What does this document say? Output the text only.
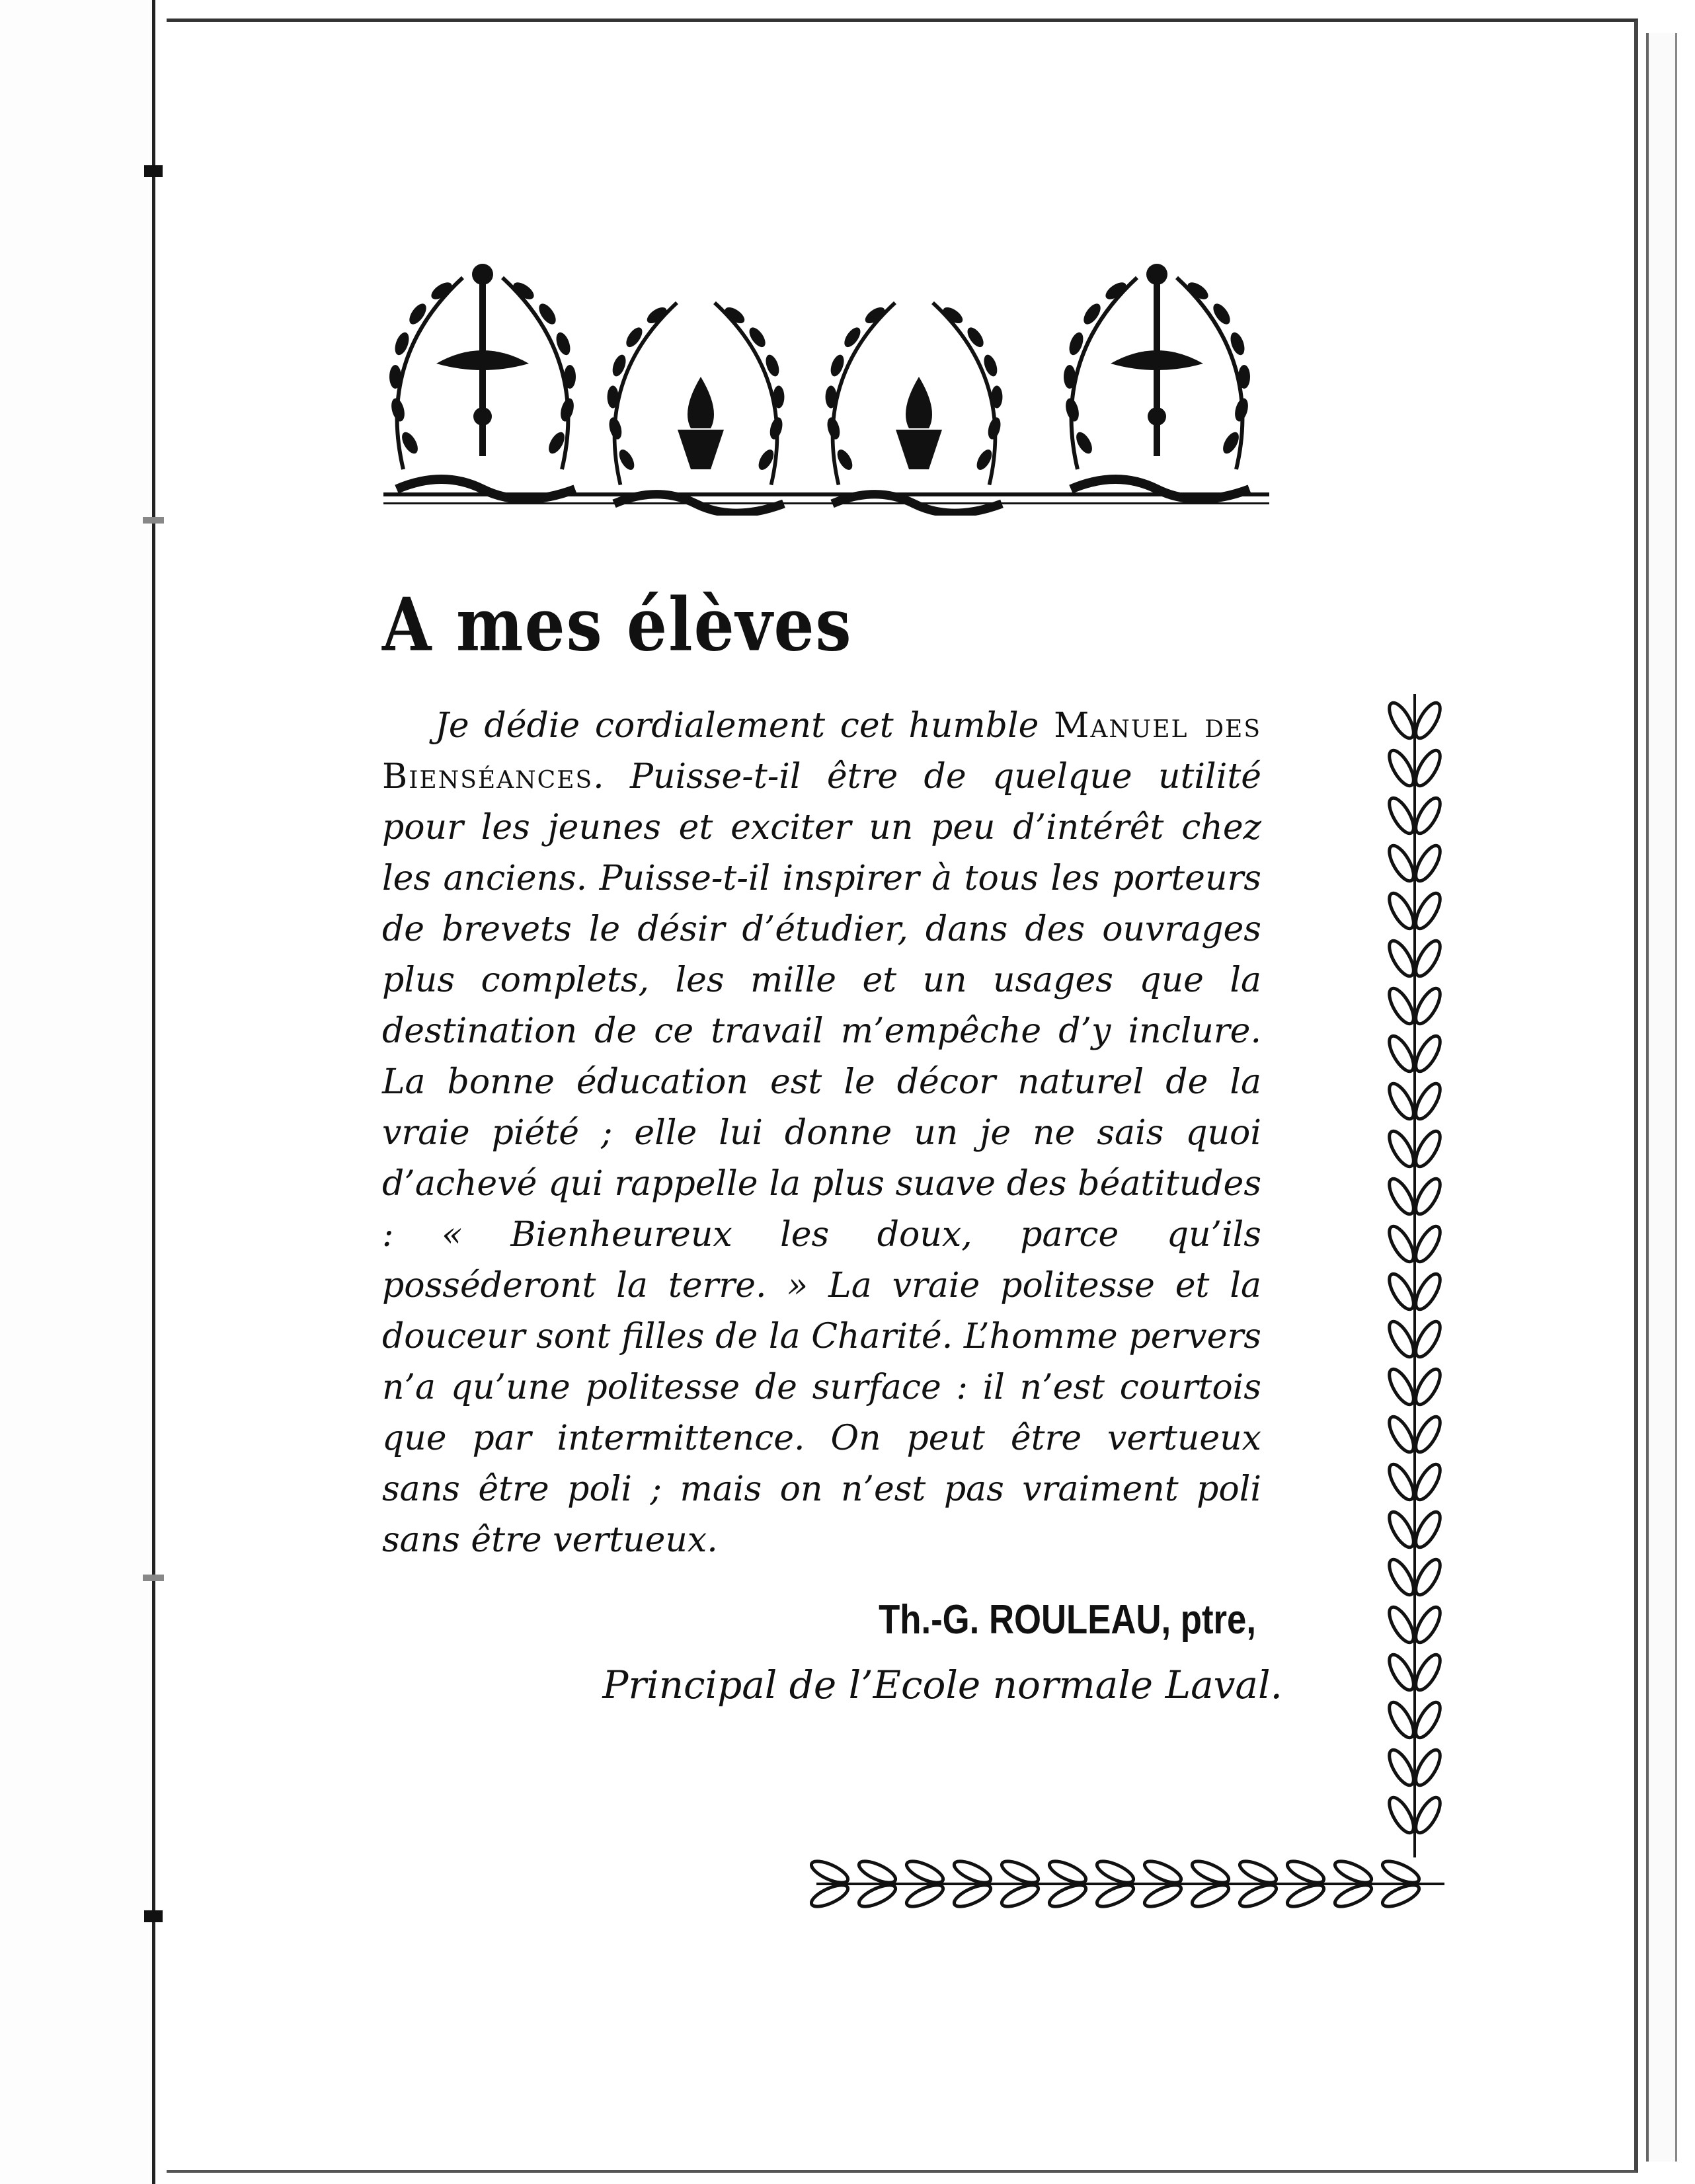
A mes élèves

Je dédie cordialement cet humble Manuel des Bienséances. Puisse-t-il être de quelque utilité pour les jeunes et exciter un peu d’intérêt chez les anciens. Puisse-t-il inspirer à tous les porteurs de brevets le désir d’étudier, dans des ouvrages plus complets, les mille et un usages que la destination de ce travail m’empêche d’y inclure. La bonne éducation est le décor naturel de la vraie piété ; elle lui donne un je ne sais quoi d’achevé qui rappelle la plus suave des béatitudes : « Bienheureux les doux, parce qu’ils posséderont la terre. » La vraie politesse et la douceur sont filles de la Charité. L’homme pervers n’a qu’une politesse de surface : il n’est courtois que par intermittence. On peut être vertueux sans être poli ; mais on n’est pas vraiment poli sans être vertueux.

Th.-G. ROULEAU, ptre,

Principal de l’Ecole normale Laval.
